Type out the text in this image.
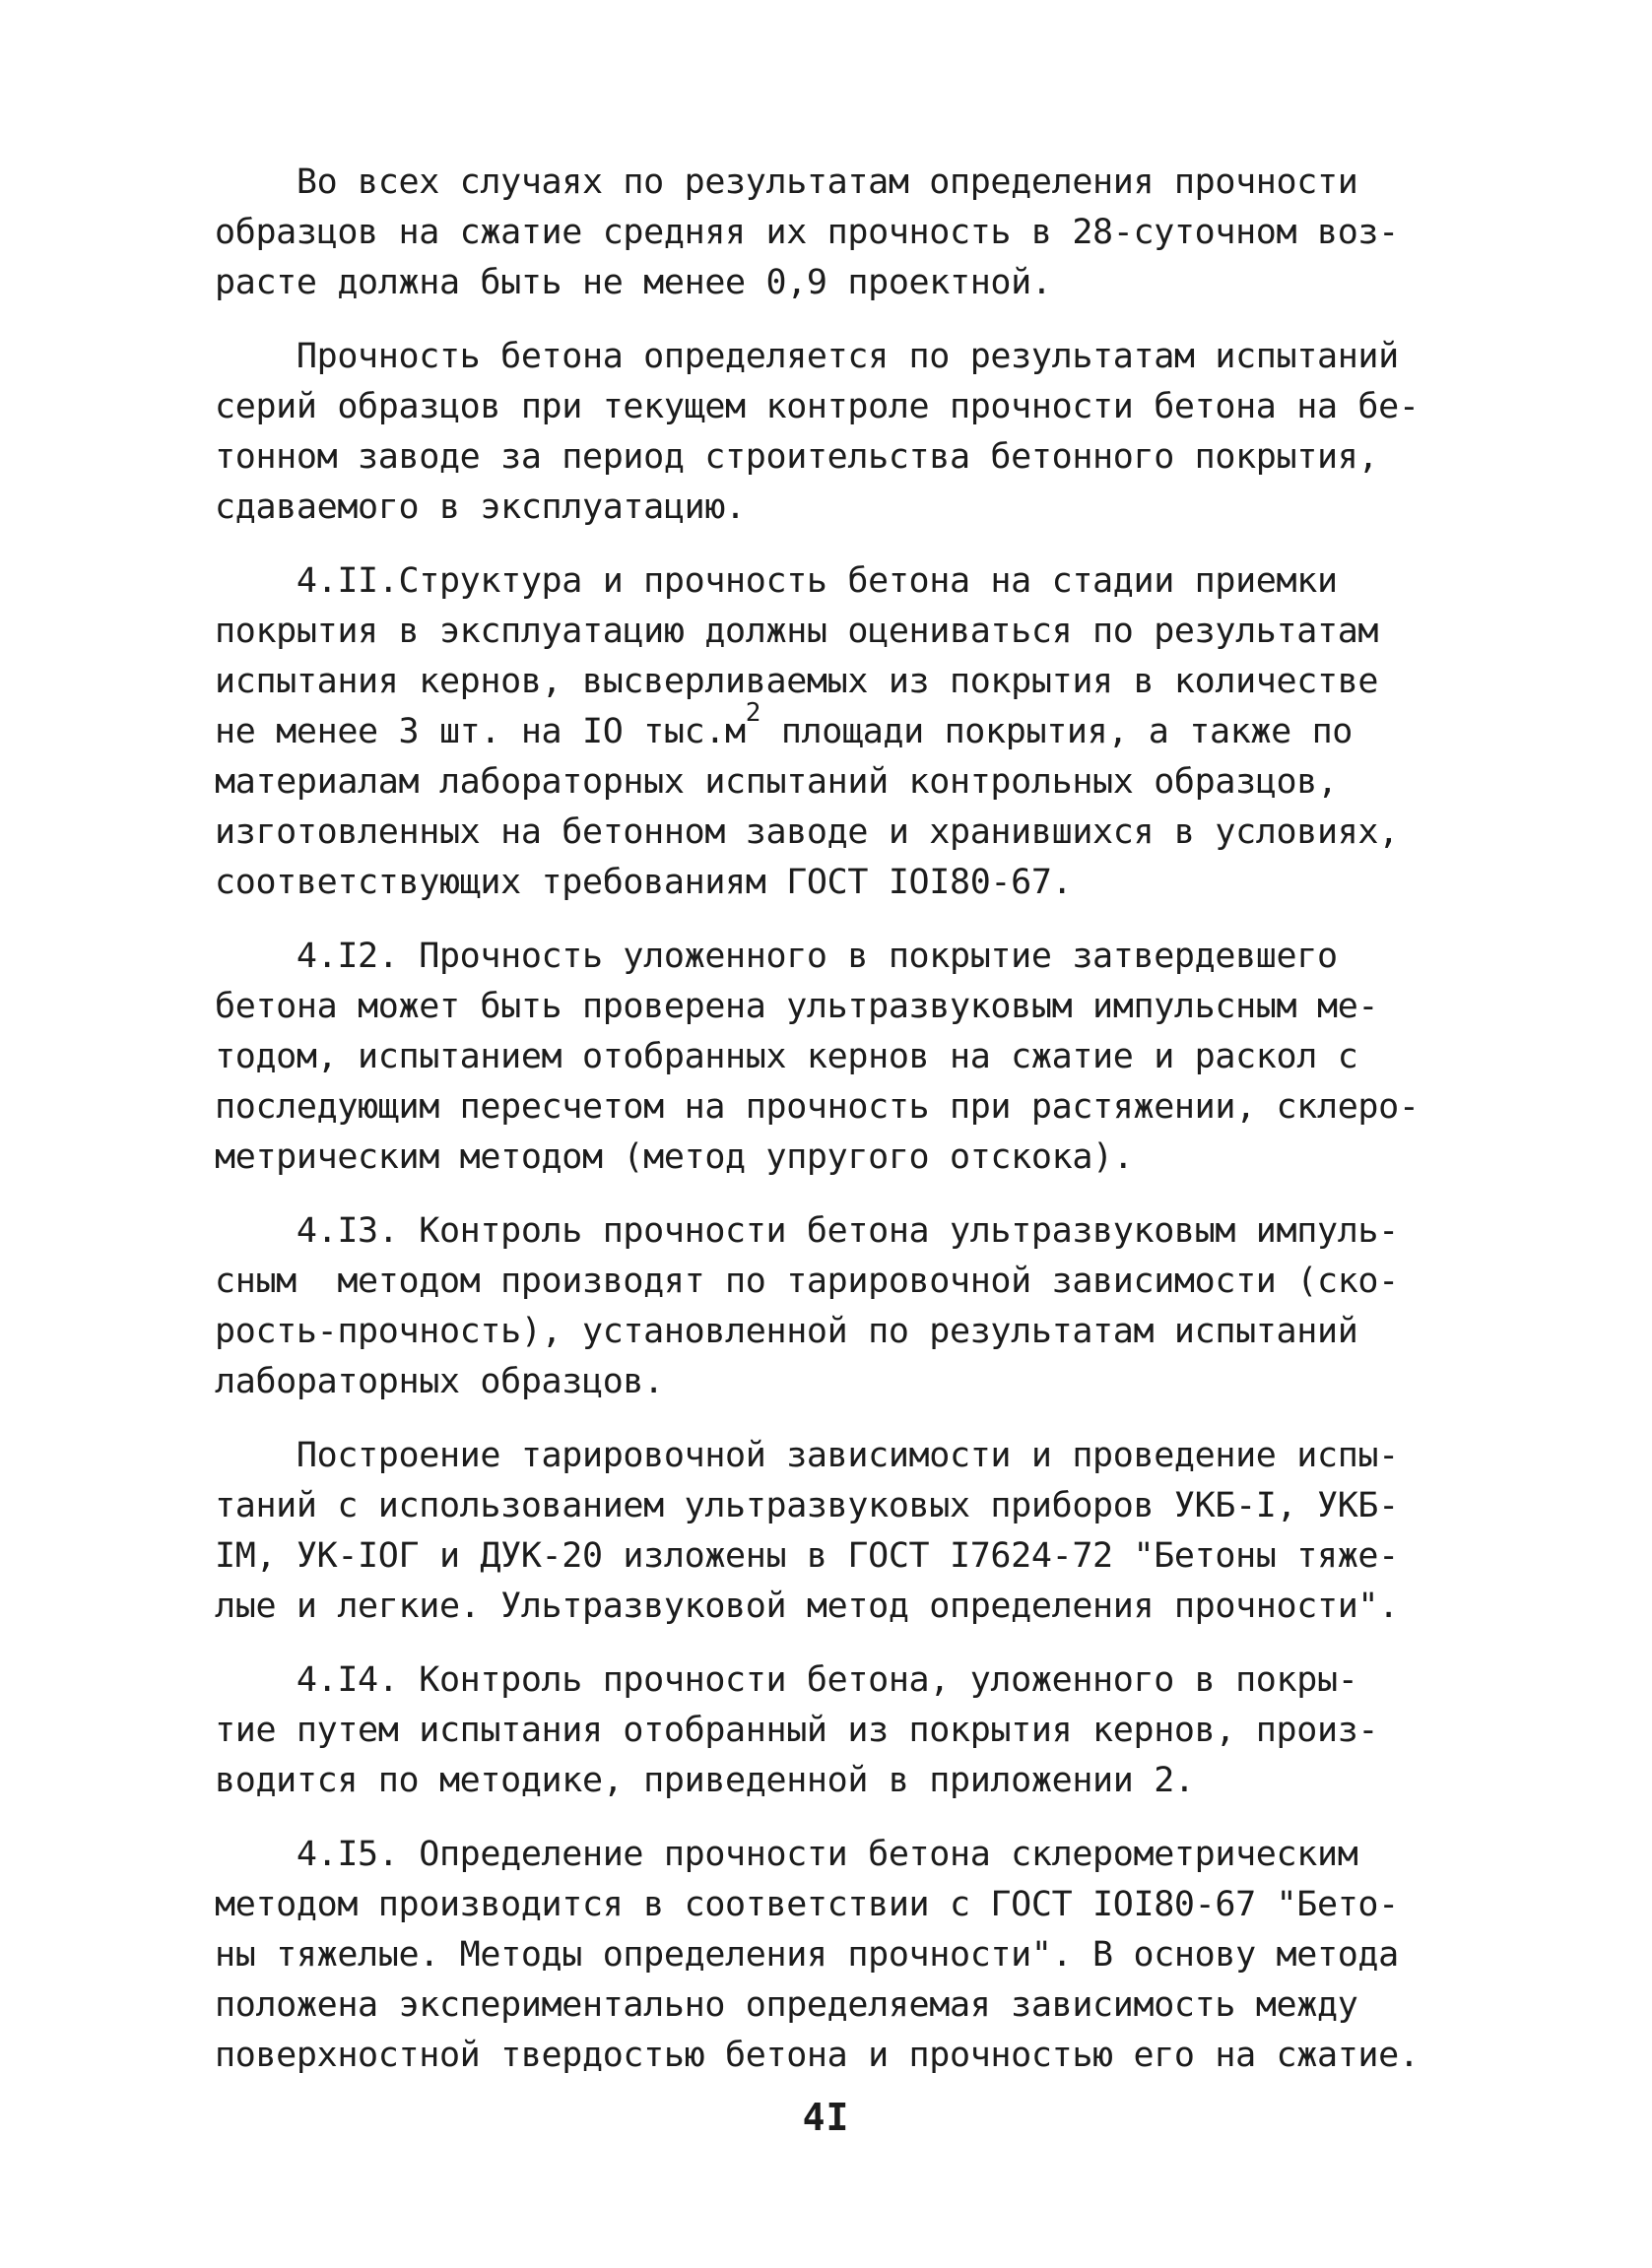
Во всех случаях по результатам определения прочности
образцов на сжатие средняя их прочность в 28-суточном воз-
расте должна быть не менее 0,9 проектной.
Прочность бетона определяется по результатам испытаний
серий образцов при текущем контроле прочности бетона на бе-
тонном заводе за период строительства бетонного покрытия,
сдаваемого в эксплуатацию.
4.II.Структура и прочность бетона на стадии приемки
покрытия в эксплуатацию должны оцениваться по результатам
испытания кернов, высверливаемых из покрытия в количестве
не менее 3 шт. на IO $тыс.м^2$ площади покрытия, а также по
материалам лабораторных испытаний контрольных образцов,
изготовленных на бетонном заводе и хранившихся в условиях,
соответствующих требованиям ГОСТ IOI80-67.
4.I2. Прочность уложенного в покрытие затвердевшего
бетона может быть проверена ультразвуковым импульсным ме-
тодом, испытанием отобранных кернов на сжатие и раскол с
последующим пересчетом на прочность при растяжении, склеро-
метрическим методом (метод упругого отскока).
4.I3. Контроль прочности бетона ультразвуковым импуль-
сным  методом производят по тарировочной зависимости (ско-
рость-прочность), установленной по результатам испытаний
лабораторных образцов.
Построение тарировочной зависимости и проведение испы-
таний с использованием ультразвуковых приборов УКБ-I, УКБ-
IМ, УК-IOГ и ДУК-20 изложены в ГОСТ I7624-72 "Бетоны тяже-
лые и легкие. Ультразвуковой метод определения прочности".
4.I4. Контроль прочности бетона, уложенного в покры-
тие путем испытания отобранный из покрытия кернов, произ-
водится по методике, приведенной в приложении 2.
4.I5. Определение прочности бетона склерометрическим
методом производится в соответствии с ГОСТ IOI80-67 "Бето-
ны тяжелые. Методы определения прочности". В основу метода
положена экспериментально определяемая зависимость между
поверхностной твердостью бетона и прочностью его на сжатие.
4I
